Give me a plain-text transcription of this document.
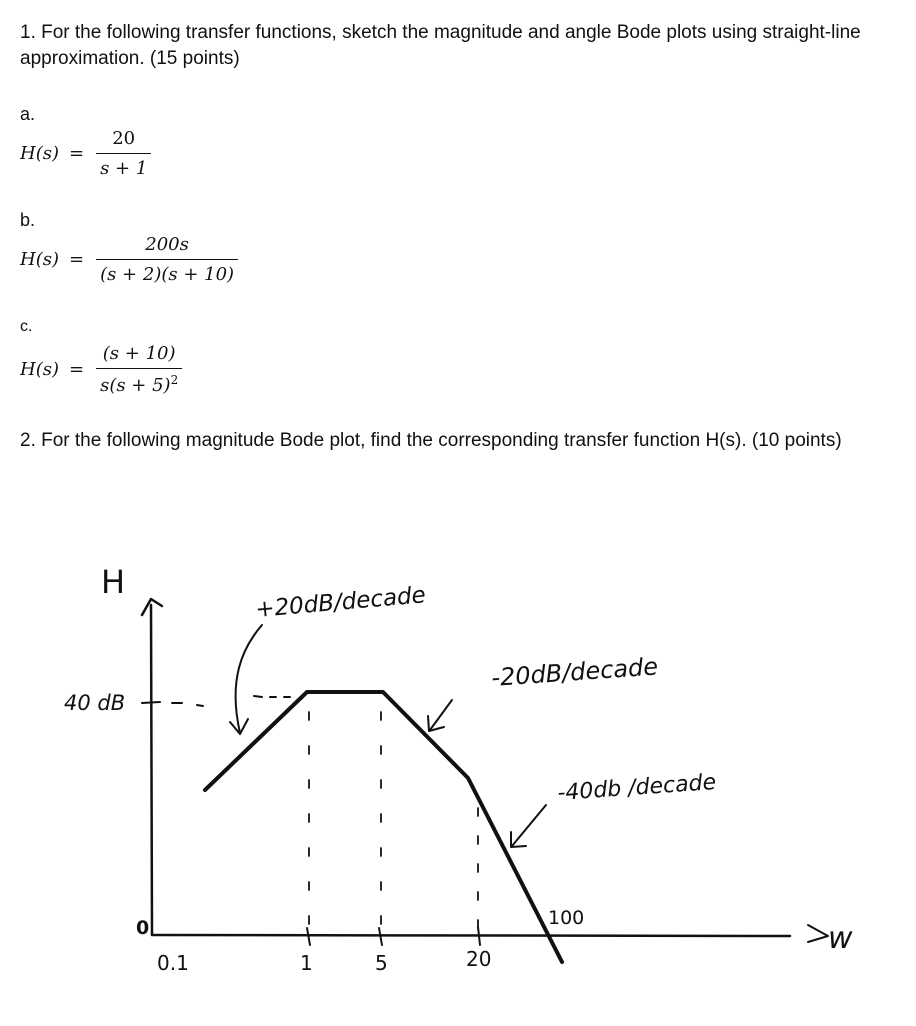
1. For the following transfer functions, sketch the magnitude and angle Bode plots using straight-line approximation. (15 points)
a.
$H(s) = \frac{20}{s + 1}$
b.
$H(s) = \frac{200s}{(s + 2)(s + 10)}$
c.
$H(s) = \frac{(s + 10)}{s(s + 5)^2}$
2. For the following magnitude Bode plot, find the corresponding transfer function H(s). (10 points)
H
40 dB
0
0.1	1	5	20
100
w
+20dB/decade
-20dB/decade
-40db /decade
